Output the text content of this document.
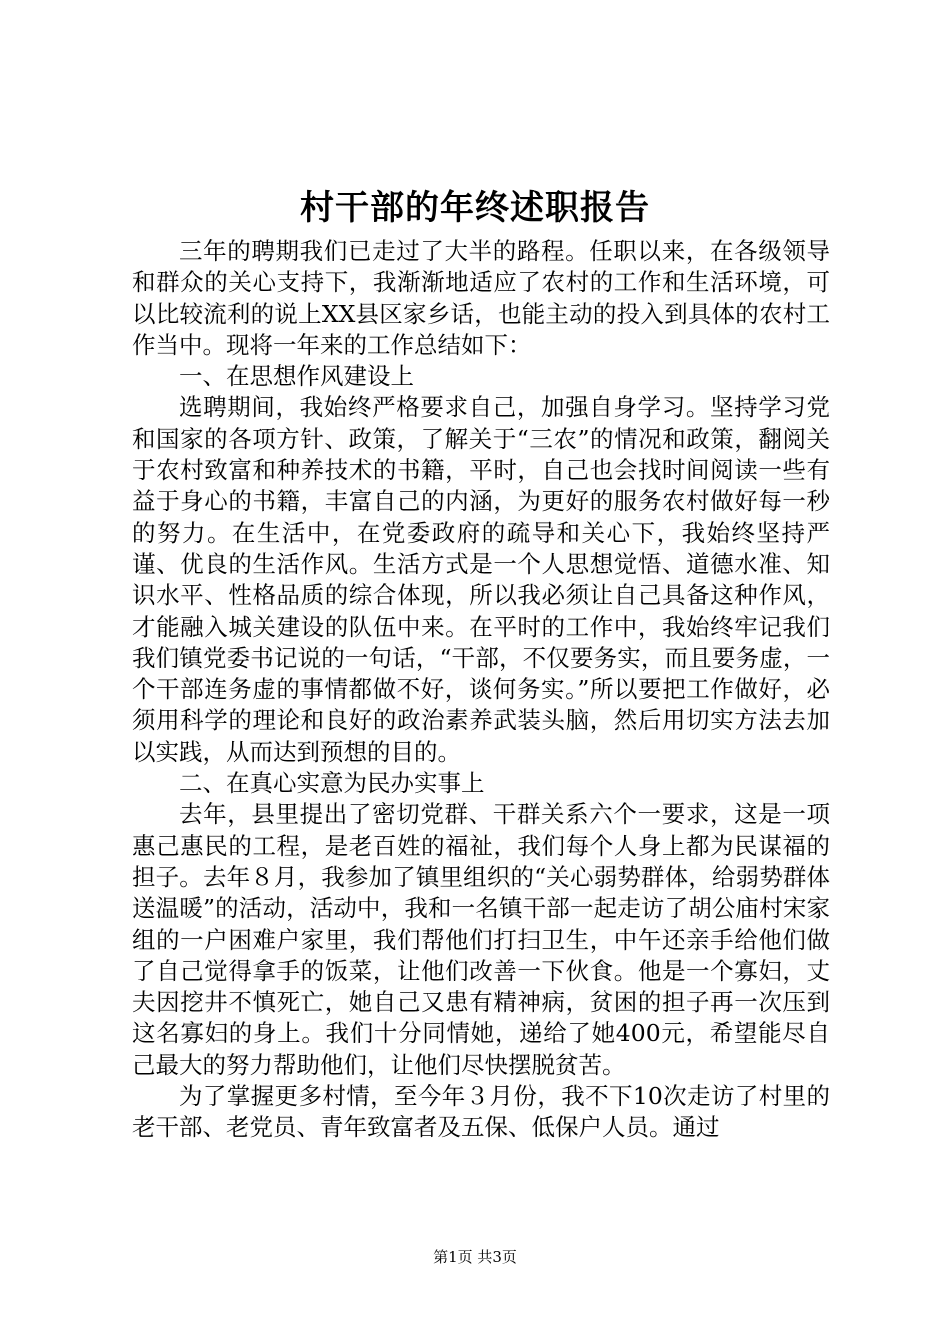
村干部的年终述职报告

三年的聘期我们已走过了大半的路程。任职以来，在各级领导和群众的关心支持下，我渐渐地适应了农村的工作和生活环境，可以比较流利的说上XX县区家乡话，也能主动的投入到具体的农村工作当中。现将一年来的工作总结如下：

一、在思想作风建设上

选聘期间，我始终严格要求自己，加强自身学习。坚持学习党和国家的各项方针、政策，了解关于“三农”的情况和政策，翻阅关于农村致富和种养技术的书籍，平时，自己也会找时间阅读一些有益于身心的书籍，丰富自己的内涵，为更好的服务农村做好每一秒的努力。在生活中，在党委政府的疏导和关心下，我始终坚持严谨、优良的生活作风。生活方式是一个人思想觉悟、道德水准、知识水平、性格品质的综合体现，所以我必须让自己具备这种作风，才能融入城关建设的队伍中来。在平时的工作中，我始终牢记我们我们镇党委书记说的一句话，“干部，不仅要务实，而且要务虚，一个干部连务虚的事情都做不好，谈何务实。”所以要把工作做好，必须用科学的理论和良好的政治素养武装头脑，然后用切实方法去加以实践，从而达到预想的目的。

二、在真心实意为民办实事上

去年，县里提出了密切党群、干群关系六个一要求，这是一项惠己惠民的工程，是老百姓的福祉，我们每个人身上都为民谋福的担子。去年８月，我参加了镇里组织的“关心弱势群体，给弱势群体送温暖”的活动，活动中，我和一名镇干部一起走访了胡公庙村宋家组的一户困难户家里，我们帮他们打扫卫生，中午还亲手给他们做了自己觉得拿手的饭菜，让他们改善一下伙食。他是一个寡妇，丈夫因挖井不慎死亡，她自己又患有精神病，贫困的担子再一次压到这名寡妇的身上。我们十分同情她，递给了她400元，希望能尽自己最大的努力帮助他们，让他们尽快摆脱贫苦。

为了掌握更多村情，至今年３月份，我不下10次走访了村里的老干部、老党员、青年致富者及五保、低保户人员。通过

第1页 共3页
